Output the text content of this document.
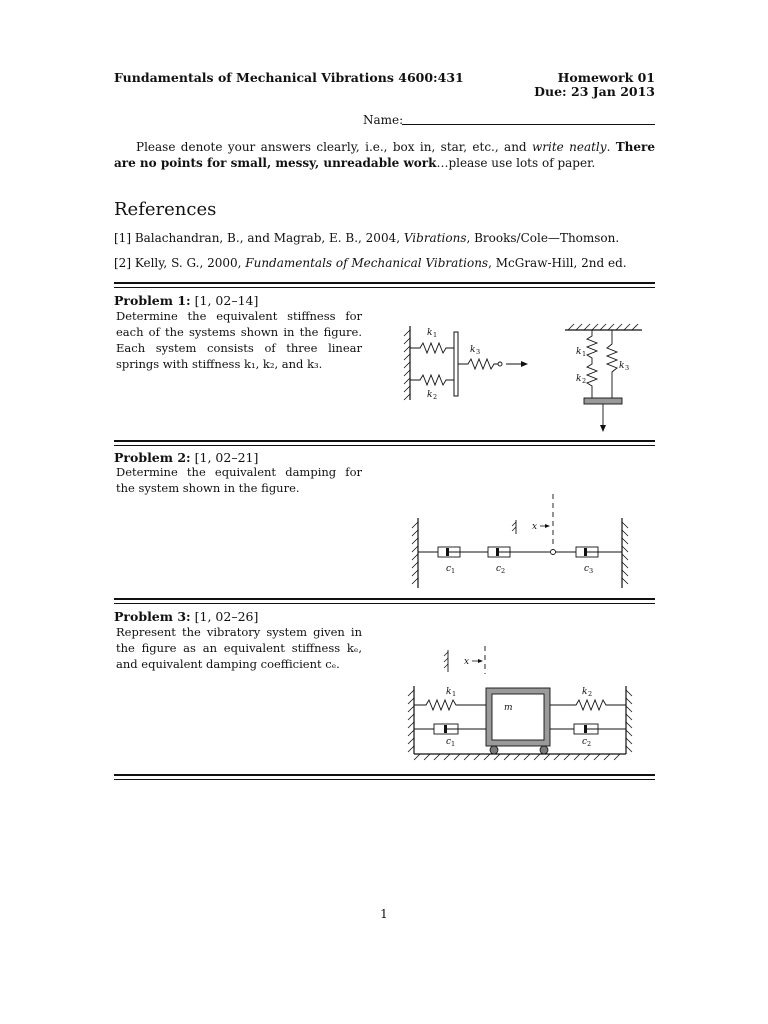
Fundamentals of Mechanical Vibrations 4600:431	Homework 01
Due: 23 Jan 2013
Name:
Please denote your answers clearly, i.e., box in, star, etc., and write neatly. There are no points for small, messy, unreadable work…please use lots of paper.
References
[1] Balachandran, B., and Magrab, E. B., 2004, Vibrations, Brooks/Cole—Thomson.
[2] Kelly, S. G., 2000, Fundamentals of Mechanical Vibrations, McGraw-Hill, 2nd ed.
Problem 1: [1, 02–14]
Determine the equivalent stiffness for each of the systems shown in the figure. Each system consists of three linear springs with stiffness k₁, k₂, and k₃.
k 1
k 2
k 3	k 1
k 2
k 3
Problem 2: [1, 02–21]
Determine the equivalent damping for the system shown in the figure.
x
c 1	c 2	c 3
Problem 3: [1, 02–26]
Represent the vibratory system given in the figure as an equivalent stiffness kₑ, and equivalent damping coefficient cₑ.	x
m
k 1	k 2
c 1	c 2
1
